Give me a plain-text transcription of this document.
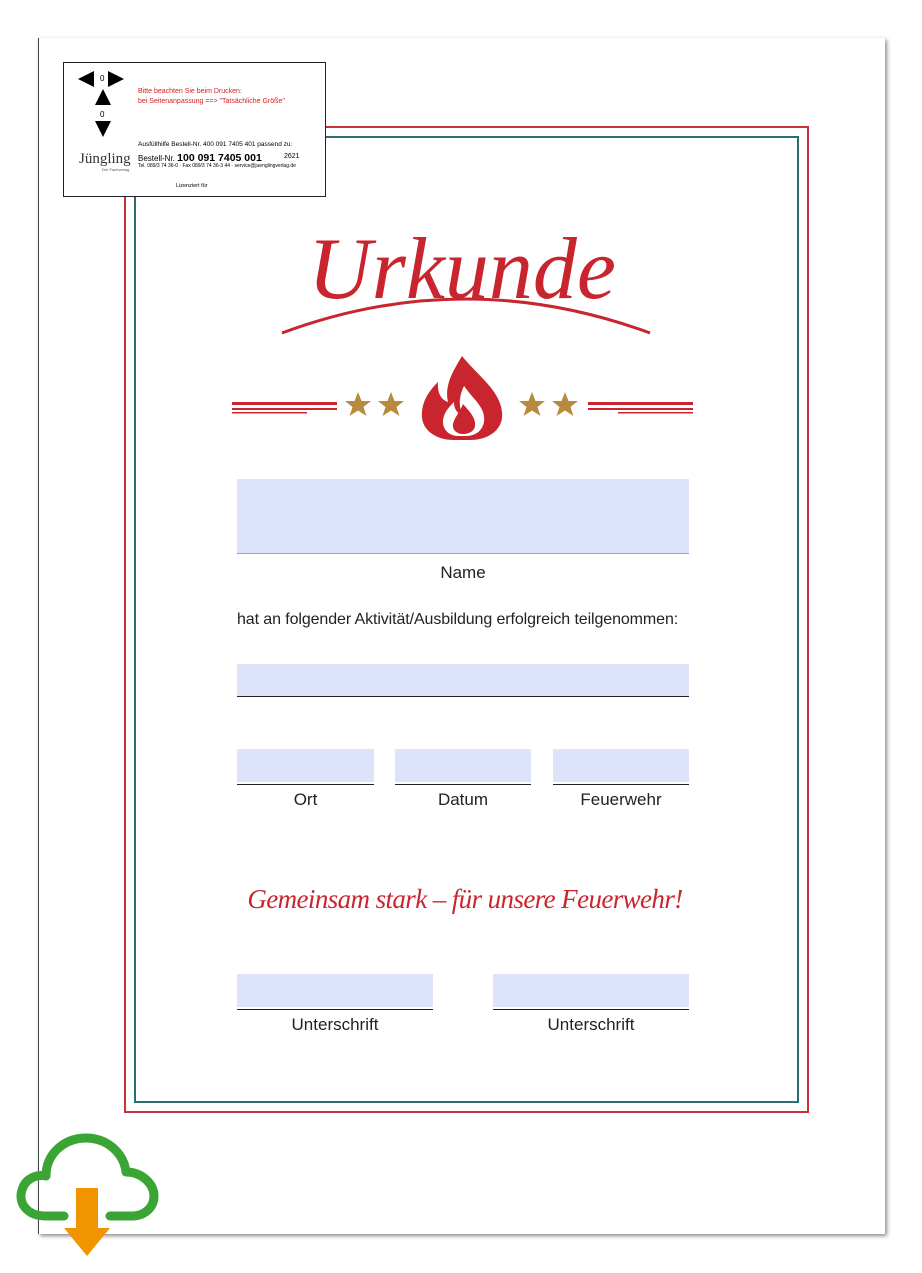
0
0
Bitte beachten Sie beim Drucken:
bei Seitenanpassung ==> "Tatsächliche Größe"
Ausfüllhilfe Bestell-Nr. 400 091 7405 401 passend zu:
Bestell-Nr. 100 091 7405 001	2621
Tel. 089/3 74 36-0 · Fax 089/3 74 36-3 44 · service@juenglingverlag.de
Jüngling
Der Fachverlag
Lizenziert für
Urkunde
Name
hat an folgender Aktivität/Ausbildung erfolgreich teilgenommen:
Ort	Datum	Feuerwehr
Gemeinsam stark – für unsere Feuerwehr!
Unterschrift	Unterschrift
